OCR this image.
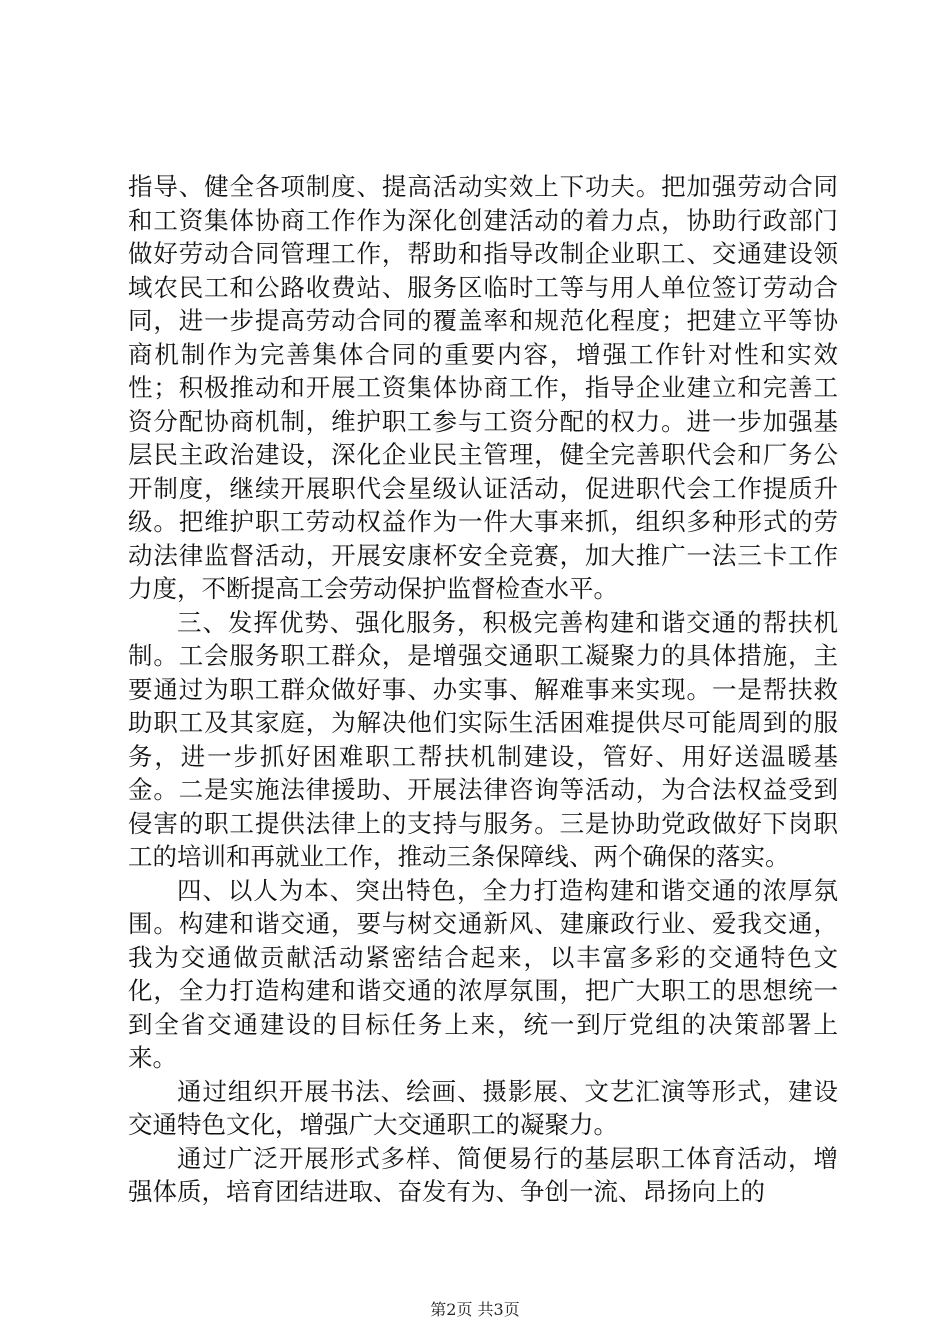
指导、健全各项制度、提高活动实效上下功夫。把加强劳动合同和工资集体协商工作作为深化创建活动的着力点，协助行政部门做好劳动合同管理工作，帮助和指导改制企业职工、交通建设领域农民工和公路收费站、服务区临时工等与用人单位签订劳动合同，进一步提高劳动合同的覆盖率和规范化程度；把建立平等协商机制作为完善集体合同的重要内容，增强工作针对性和实效性；积极推动和开展工资集体协商工作，指导企业建立和完善工资分配协商机制，维护职工参与工资分配的权力。进一步加强基层民主政治建设，深化企业民主管理，健全完善职代会和厂务公开制度，继续开展职代会星级认证活动，促进职代会工作提质升级。把维护职工劳动权益作为一件大事来抓，组织多种形式的劳动法律监督活动，开展安康杯安全竞赛，加大推广一法三卡工作力度，不断提高工会劳动保护监督检查水平。

三、发挥优势、强化服务，积极完善构建和谐交通的帮扶机制。工会服务职工群众，是增强交通职工凝聚力的具体措施，主要通过为职工群众做好事、办实事、解难事来实现。一是帮扶救助职工及其家庭，为解决他们实际生活困难提供尽可能周到的服务，进一步抓好困难职工帮扶机制建设，管好、用好送温暖基金。二是实施法律援助、开展法律咨询等活动，为合法权益受到侵害的职工提供法律上的支持与服务。三是协助党政做好下岗职工的培训和再就业工作，推动三条保障线、两个确保的落实。

四、以人为本、突出特色，全力打造构建和谐交通的浓厚氛围。构建和谐交通，要与树交通新风、建廉政行业、爱我交通，我为交通做贡献活动紧密结合起来，以丰富多彩的交通特色文化，全力打造构建和谐交通的浓厚氛围，把广大职工的思想统一到全省交通建设的目标任务上来，统一到厅党组的决策部署上来。

通过组织开展书法、绘画、摄影展、文艺汇演等形式，建设交通特色文化，增强广大交通职工的凝聚力。

通过广泛开展形式多样、简便易行的基层职工体育活动，增强体质，培育团结进取、奋发有为、争创一流、昂扬向上的

第2页 共3页
